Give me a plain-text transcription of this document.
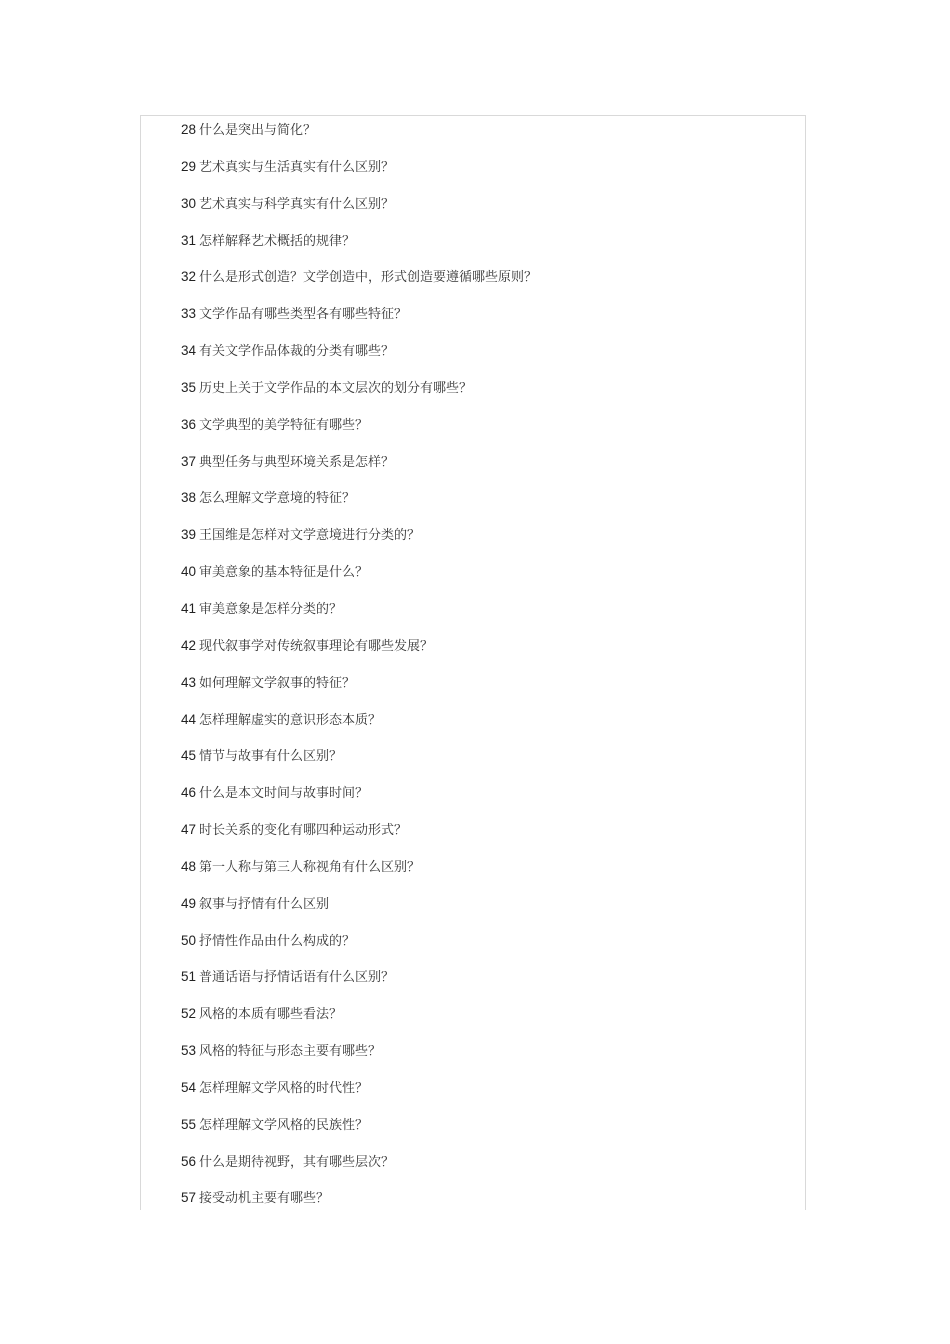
28 什么是突出与简化？
29 艺术真实与生活真实有什么区别？
30 艺术真实与科学真实有什么区别？
31 怎样解释艺术概括的规律？
32 什么是形式创造？文学创造中，形式创造要遵循哪些原则？
33 文学作品有哪些类型各有哪些特征？
34 有关文学作品体裁的分类有哪些？
35 历史上关于文学作品的本文层次的划分有哪些？
36 文学典型的美学特征有哪些？
37 典型任务与典型环境关系是怎样？
38 怎么理解文学意境的特征？
39 王国维是怎样对文学意境进行分类的？
40 审美意象的基本特征是什么？
41 审美意象是怎样分类的？
42 现代叙事学对传统叙事理论有哪些发展？
43 如何理解文学叙事的特征？
44 怎样理解虚实的意识形态本质？
45 情节与故事有什么区别？
46 什么是本文时间与故事时间？
47 时长关系的变化有哪四种运动形式？
48 第一人称与第三人称视角有什么区别？
49 叙事与抒情有什么区别
50 抒情性作品由什么构成的？
51 普通话语与抒情话语有什么区别？
52 风格的本质有哪些看法？
53 风格的特征与形态主要有哪些？
54 怎样理解文学风格的时代性？
55 怎样理解文学风格的民族性？
56 什么是期待视野，其有哪些层次？
57 接受动机主要有哪些？
